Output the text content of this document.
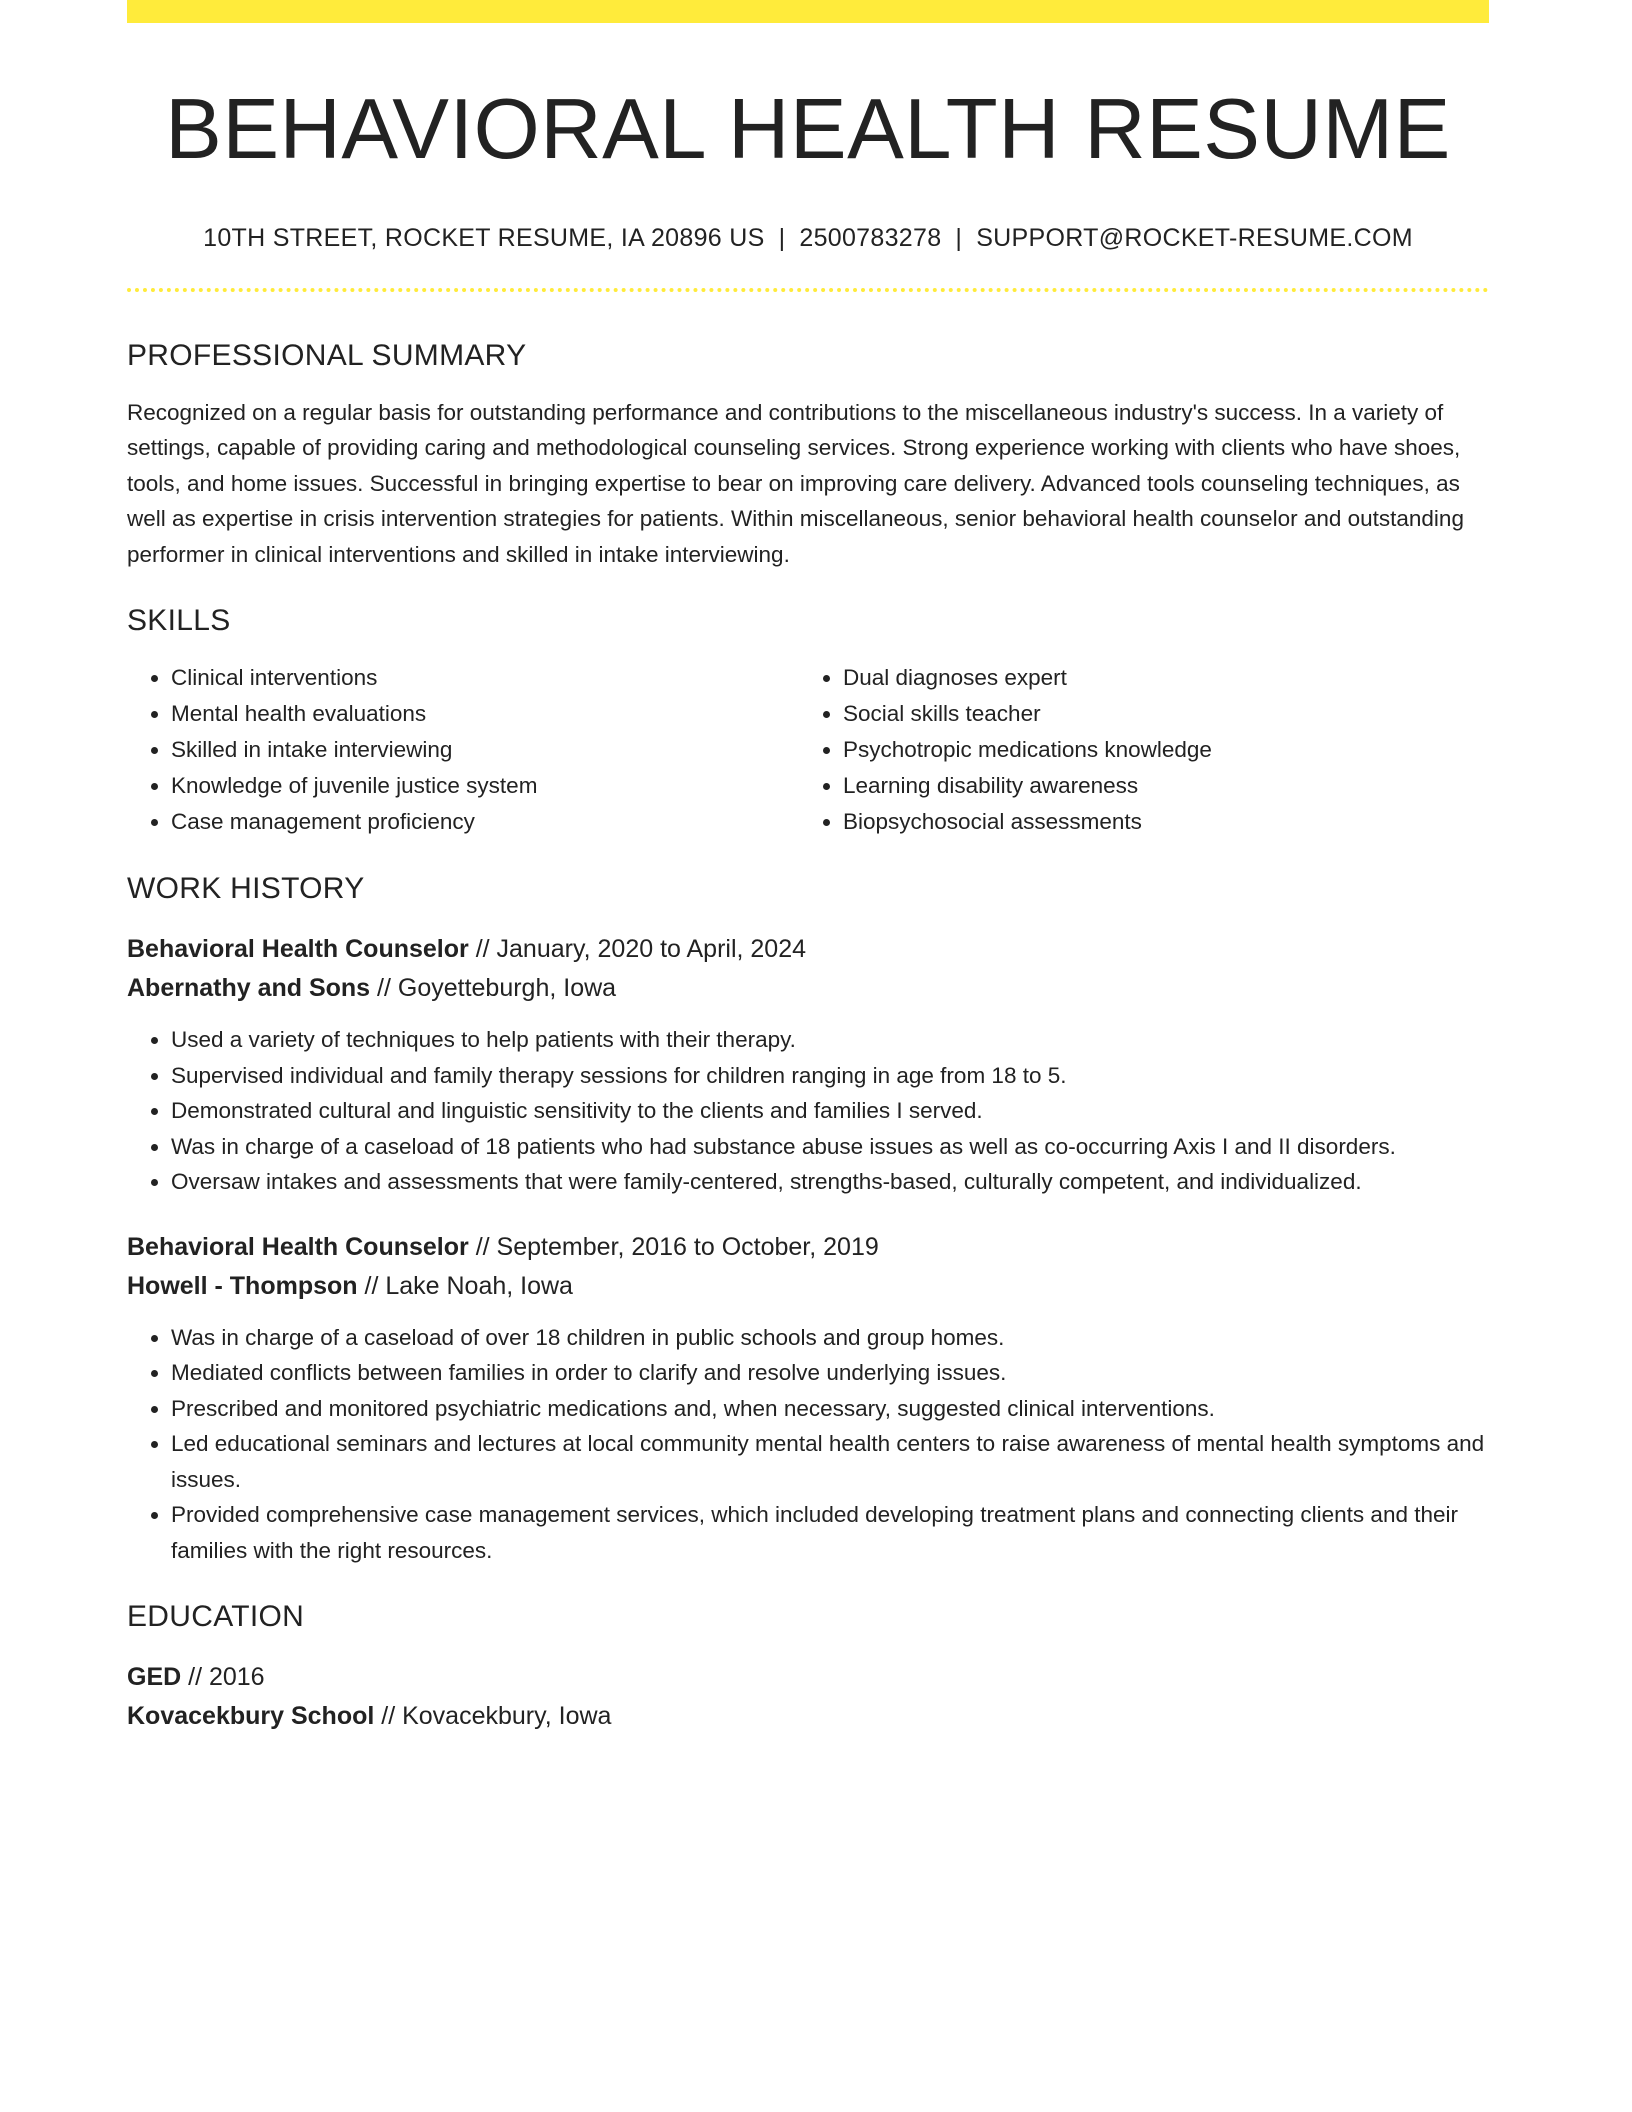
BEHAVIORAL HEALTH RESUME
10TH STREET, ROCKET RESUME, IA 20896 US | 2500783278 | SUPPORT@ROCKET-RESUME.COM
PROFESSIONAL SUMMARY
Recognized on a regular basis for outstanding performance and contributions to the miscellaneous industry's success. In a variety of settings, capable of providing caring and methodological counseling services. Strong experience working with clients who have shoes, tools, and home issues. Successful in bringing expertise to bear on improving care delivery. Advanced tools counseling techniques, as well as expertise in crisis intervention strategies for patients. Within miscellaneous, senior behavioral health counselor and outstanding performer in clinical interventions and skilled in intake interviewing.
SKILLS
• Clinical interventions
• Mental health evaluations
• Skilled in intake interviewing
• Knowledge of juvenile justice system
• Case management proficiency
• Dual diagnoses expert
• Social skills teacher
• Psychotropic medications knowledge
• Learning disability awareness
• Biopsychosocial assessments
WORK HISTORY
Behavioral Health Counselor // January, 2020 to April, 2024
Abernathy and Sons // Goyetteburgh, Iowa
• Used a variety of techniques to help patients with their therapy.
• Supervised individual and family therapy sessions for children ranging in age from 18 to 5.
• Demonstrated cultural and linguistic sensitivity to the clients and families I served.
• Was in charge of a caseload of 18 patients who had substance abuse issues as well as co-occurring Axis I and II disorders.
• Oversaw intakes and assessments that were family-centered, strengths-based, culturally competent, and individualized.
Behavioral Health Counselor // September, 2016 to October, 2019
Howell - Thompson // Lake Noah, Iowa
• Was in charge of a caseload of over 18 children in public schools and group homes.
• Mediated conflicts between families in order to clarify and resolve underlying issues.
• Prescribed and monitored psychiatric medications and, when necessary, suggested clinical interventions.
• Led educational seminars and lectures at local community mental health centers to raise awareness of mental health symptoms and issues.
• Provided comprehensive case management services, which included developing treatment plans and connecting clients and their families with the right resources.
EDUCATION
GED // 2016
Kovacekbury School // Kovacekbury, Iowa
